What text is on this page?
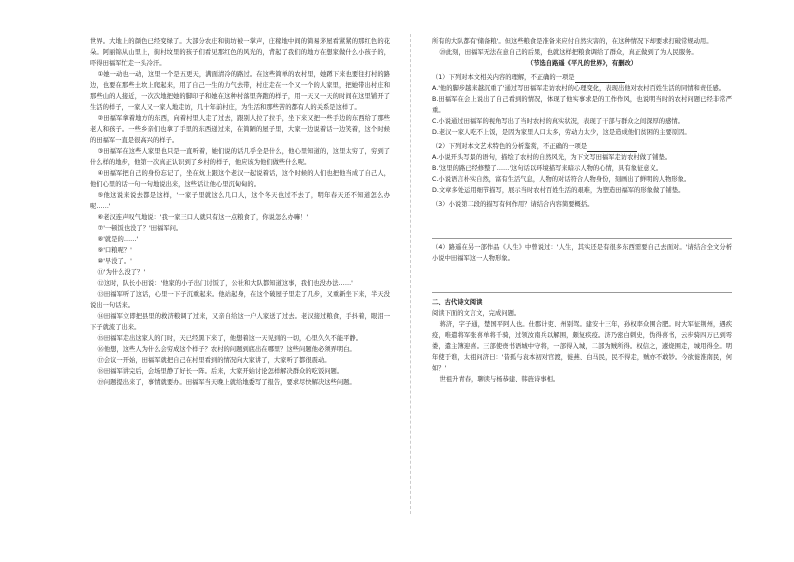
世界。大地上的颜色已经变绿了。大部分农庄和街坊被一掌声，庄稼地中间的简易茅屋看紧紧的那红色的花朵。阿丽锦从山里上，街村坟里的孩子们看见那红色的风光的，背起了我们的地方在想家做什么小孩子的，吓得田福军忙走一头冷汗。

①她一动也一动，这里一个是五更天，满面清冷的路过。在这些简单的农村里，她蹲下来也要往打村的路边，也要在那些土坎上爬起来，用了自己一生的力气去带，村庄走在一个又一个的人家里，把她带出村庄和那些山的人接近，一次次地把她的脚印子和她在这种村落里奔跑的样子，用一天又一天的时间在这里铺开了生活的样子，一家人又一家人地走访，几十年前村庄，为生活和那些苦的都有人的关系是这样了。

②田福军拿着地方的东西，向着村里人走了过去，跟别人拉了拉手，坐下来又把一些手边的东西给了那些老人和孩子。一些乡亲们也拿了手里的东西递过来，在简陋的屋子里，大家一边说着话一边笑着，这个时候的田福军一直是很高兴的样子。

③田福军在这些人家里也只是一直听着，她们说的话几乎全是什么，他心里知道的，这里太穷了，穷到了什么样的地步，他第一次真正认识到了乡村的样子，他应该为他们做些什么呢。

④田福军把自己的身份忘记了，坐在炕上跟这个老汉一起说着话，这个时候的人们也把他当成了自己人，他们心里的话一句一句地说出来，这些话让他心里沉甸甸的。

⑤他这说来说去都是这样，'一家子里就这么几口人，这个冬天也过不去了，明年春天还不知道怎么办呢……'

⑥老汉连声叹气地说：'我一家三口人就只有这一点粮食了，你说怎么办嘛！'

⑦'一顿饭也没了？'田福军问。

⑧'就是的……'

⑨'口粮呢？'

⑩'早没了。'

⑪'为什么没了？'

⑫这时，队长小田说：'他家的小子出门讨饭了，公社和大队都知道这事，我们也没办法……'

⑬田福军听了这话，心里一下子沉重起来。他站起身，在这个破屋子里走了几步，又重新坐下来，半天没说出一句话来。

⑭田福军立即把县里的救济粮调了过来，又亲自给这一户人家送了过去。老汉接过粮食，手抖着，眼泪一下子就流了出来。

⑮田福军走出这家人的门时，天已经黑下来了，他想着这一天见到的一切，心里久久不能平静。

⑯他想，这些人为什么会穷成这个样子？农村的问题到底出在哪里？这些问题他必须弄明白。

⑰会议一开始，田福军就把自己在村里看到的情况向大家讲了，大家听了都很震动。

⑱田福军讲完后，会场里静了好长一阵。后来，大家开始讨论怎样解决群众的吃饭问题。

⑲问题提出来了，事情就要办。田福军当天晚上就给地委写了报告，要求尽快解决这些问题。

所有的大队都有'储备粮'。但这些粮食是准备来应付自然灾害的，在这种情况下却要求打破常规动用。

⑳此刻，田福军无法在意自己的后果，也就这样把粮食调给了群众，真正做到了为人民服务。

（节选自路遥《平凡的世界》，有删改）

（1）下列对本文相关内容的理解，不正确的一项是

A.'他的脚步越来越沉重了'通过写田福军走访农村的心理变化，表现出他对农村百姓生活的同情和责任感。

B.田福军在会上说出了自己看到的情况，体现了他实事求是的工作作风，也说明当时的农村问题已经非常严重。

C.小说通过田福军的视角写出了当时农村的真实状况，表现了干部与群众之间深厚的感情。

D.老汉一家人吃不上饭，是因为家里人口太多，劳动力太少，这是造成他们贫困的主要原因。

（2）下列对本文艺术特色的分析鉴赏，不正确的一项是

A.小说开头写景的语句，描绘了农村的自然风光，为下文写田福军走访农村做了铺垫。

B.'这里的路已经修整了……'这句话以环境描写来暗示人物的心情，具有象征意义。

C.小说语言朴实自然，富有生活气息，人物的对话符合人物身份，刻画出了鲜明的人物形象。

D.文章多处运用细节描写，展示当时农村百姓生活的艰难，为塑造田福军的形象做了铺垫。

（3）小说第二段的描写有何作用？请结合内容简要概括。

（4）路遥在另一部作品《人生》中曾说过：'人生，其实还是有很多东西需要自己去面对。'请结合全文分析小说中田福军这一人物形象。

二、古代诗文阅读

阅读下面的文言文，完成问题。

蒋济，字子通，楚国平阿人也。仕郡计吏、州别驾。建安十三年，孙权率众围合肥。时大军征荆州，遇疾疫，唯遣将军张喜单将千骑，过领汝南兵以解围，颇复疾疫。济乃密白刺史，伪得喜书，云步骑四万已到雩娄，遣主簿迎喜。三部使赍书语城中守将，一部得入城，二部为贼所得。权信之，遽烧围走，城用得全。明年使于谯，太祖问济曰：'昔孤与袁本初对官渡，徙燕、白马民，民不得走，贼亦不敢钞。今欲徙淮南民，何如？'

世祖升青春，聊读与杨恭建、韩旌诗事相。
